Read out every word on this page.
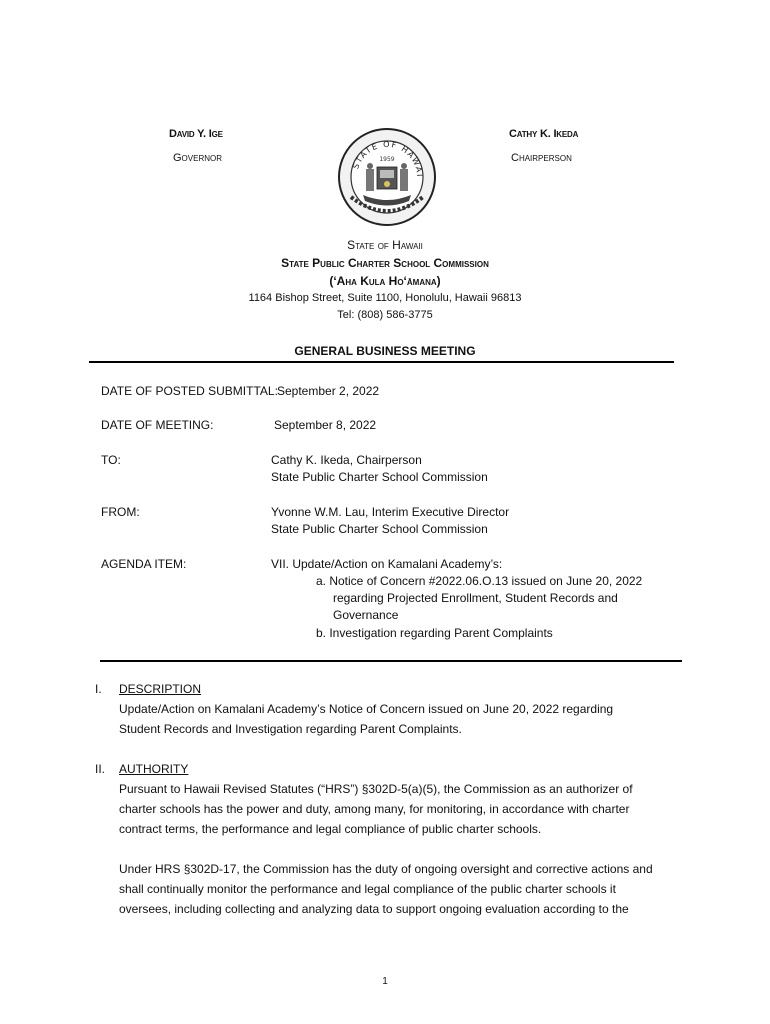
David Y. Ige
Governor
Cathy K. Ikeda
Chairperson
STATE OF HAWAI
1959
State of Hawaii
State Public Charter School Commission
(‘Aha Kula Ho‘āmana)
1164 Bishop Street, Suite 1100, Honolulu, Hawaii 96813
Tel: (808) 586-3775
GENERAL BUSINESS MEETING
DATE OF POSTED SUBMITTAL: September 2, 2022
DATE OF MEETING:	September 8, 2022
TO:	Cathy K. Ikeda, Chairperson
State Public Charter School Commission
FROM:	Yvonne W.M. Lau, Interim Executive Director
State Public Charter School Commission
AGENDA ITEM:	VII. Update/Action on Kamalani Academy’s:
a. Notice of Concern #2022.06.O.13 issued on June 20, 2022
regarding Projected Enrollment, Student Records and
Governance
b. Investigation regarding Parent Complaints
I. DESCRIPTION
Update/Action on Kamalani Academy’s Notice of Concern issued on June 20, 2022 regarding
Student Records and Investigation regarding Parent Complaints.
II. AUTHORITY
Pursuant to Hawaii Revised Statutes (“HRS”) §302D-5(a)(5), the Commission as an authorizer of
charter schools has the power and duty, among many, for monitoring, in accordance with charter
contract terms, the performance and legal compliance of public charter schools.
Under HRS §302D-17, the Commission has the duty of ongoing oversight and corrective actions and
shall continually monitor the performance and legal compliance of the public charter schools it
oversees, including collecting and analyzing data to support ongoing evaluation according to the
1
